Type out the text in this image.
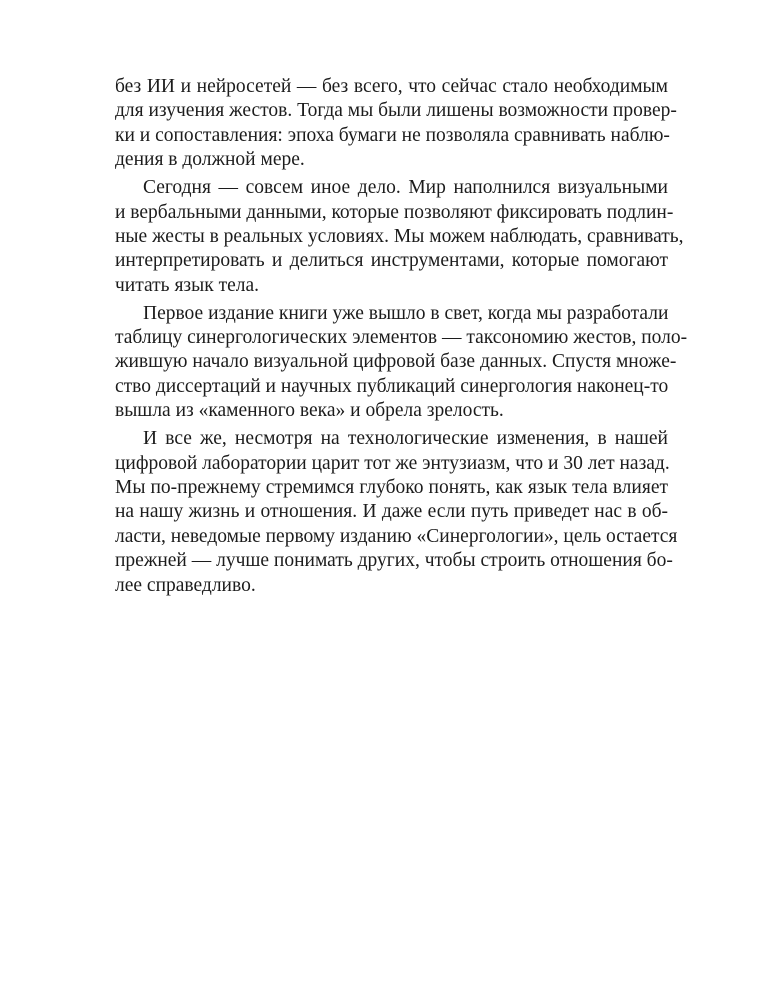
без ИИ и нейросетей — без всего, что сейчас стало необходимым
для изучения жестов. Тогда мы были лишены возможности провер-
ки и сопоставления: эпоха бумаги не позволяла сравнивать наблю-
дения в должной мере.
Сегодня — совсем иное дело. Мир наполнился визуальными
и вербальными данными, которые позволяют фиксировать подлин-
ные жесты в реальных условиях. Мы можем наблюдать, сравнивать,
интерпретировать и делиться инструментами, которые помогают
читать язык тела.
Первое издание книги уже вышло в свет, когда мы разработали
таблицу синергологических элементов — таксономию жестов, поло-
жившую начало визуальной цифровой базе данных. Спустя множе-
ство диссертаций и научных публикаций синергология наконец-то
вышла из «каменного века» и обрела зрелость.
И все же, несмотря на технологические изменения, в нашей
цифровой лаборатории царит тот же энтузиазм, что и 30 лет назад.
Мы по-прежнему стремимся глубоко понять, как язык тела влияет
на нашу жизнь и отношения. И даже если путь приведет нас в об-
ласти, неведомые первому изданию «Синергологии», цель остается
прежней — лучше понимать других, чтобы строить отношения бо-
лее справедливо.
